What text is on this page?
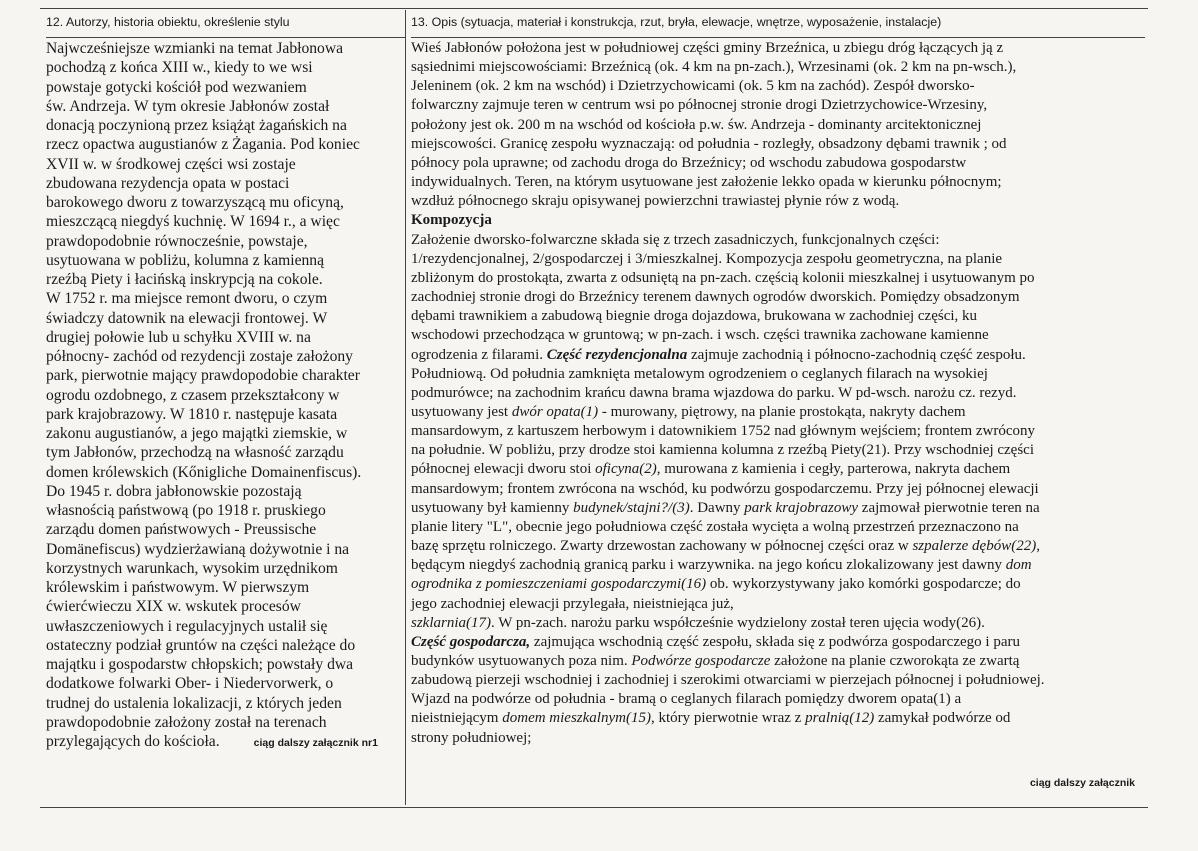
12. Autorzy, historia obiektu, określenie stylu
Najwcześniejsze wzmianki na temat Jabłonowa
pochodzą z końca XIII w., kiedy to we wsi
powstaje gotycki kościół pod wezwaniem
św. Andrzeja. W tym okresie Jabłonów został
donacją poczynioną przez książąt żagańskich na
rzecz opactwa augustianów z Żagania. Pod koniec
XVII w. w środkowej części wsi zostaje
zbudowana rezydencja opata w postaci
barokowego dworu z towarzyszącą mu oficyną,
mieszczącą niegdyś kuchnię. W 1694 r., a więc
prawdopodobnie równocześnie, powstaje,
usytuowana w pobliżu, kolumna z kamienną
rzeźbą Piety i łacińską inskrypcją na cokole.
W 1752 r. ma miejsce remont dworu, o czym
świadczy datownik na elewacji frontowej. W
drugiej połowie lub u schyłku XVIII w. na
północny- zachód od rezydencji zostaje założony
park, pierwotnie mający prawdopodobie charakter
ogrodu ozdobnego, z czasem przekształcony w
park krajobrazowy. W 1810 r. następuje kasata
zakonu augustianów, a jego majątki ziemskie, w
tym Jabłonów, przechodzą na własność zarządu
domen królewskich (Kőnigliche Domainenfiscus).
Do 1945 r. dobra jabłonowskie pozostają
własnością państwową (po 1918 r. pruskiego
zarządu domen państwowych - Preussische
Domänefiscus) wydzierżawianą dożywotnie i na
korzystnych warunkach, wysokim urzędnikom
królewskim i państwowym. W pierwszym
ćwierćwieczu XIX w. wskutek procesów
uwłaszczeniowych i regulacyjnych ustalił się
ostateczny podział gruntów na części należące do
majątku i gospodarstw chłopskich; powstały dwa
dodatkowe folwarki Ober- i Niedervorwerk, o
trudnej do ustalenia lokalizacji, z których jeden
prawdopodobnie założony został na terenach
przylegających do kościoła.	ciąg dalszy załącznik nr1
13. Opis (sytuacja, materiał i konstrukcja, rzut, bryła, elewacje, wnętrze, wyposażenie, instalacje)
Wieś Jabłonów położona jest w południowej części gminy Brzeźnica, u zbiegu dróg łączących ją z
sąsiednimi miejscowościami: Brzeźnicą (ok. 4 km na pn-zach.), Wrzesinami (ok. 2 km na pn-wsch.),
Jeleninem (ok. 2 km na wschód) i Dzietrzychowicami (ok. 5 km na zachód). Zespół dworsko-
folwarczny zajmuje teren w centrum wsi po północnej stronie drogi Dzietrzychowice-Wrzesiny,
położony jest ok. 200 m na wschód od kościoła p.w. św. Andrzeja - dominanty arcitektonicznej
miejscowości. Granicę zespołu wyznaczają: od południa - rozległy, obsadzony dębami trawnik ; od
północy pola uprawne; od zachodu droga do Brzeźnicy; od wschodu zabudowa gospodarstw
indywidualnych. Teren, na którym usytuowane jest założenie lekko opada w kierunku północnym;
wzdłuż północnego skraju opisywanej powierzchni trawiastej płynie rów z wodą.
Kompozycja
Założenie dworsko-folwarczne składa się z trzech zasadniczych, funkcjonalnych części:
1/rezydencjonalnej, 2/gospodarczej i 3/mieszkalnej. Kompozycja zespołu geometryczna, na planie
zbliżonym do prostokąta, zwarta z odsuniętą na pn-zach. częścią kolonii mieszkalnej i usytuowanym po
zachodniej stronie drogi do Brzeźnicy terenem dawnych ogrodów dworskich. Pomiędzy obsadzonym
dębami trawnikiem a zabudową biegnie droga dojazdowa, brukowana w zachodniej części, ku
wschodowi przechodząca w gruntową; w pn-zach. i wsch. części trawnika zachowane kamienne
ogrodzenia z filarami. Część rezydencjonalna zajmuje zachodnią i północno-zachodnią część zespołu.
Południową. Od południa zamknięta metalowym ogrodzeniem o ceglanych filarach na wysokiej
podmurówce; na zachodnim krańcu dawna brama wjazdowa do parku. W pd-wsch. narożu cz. rezyd.
usytuowany jest dwór opata(1) - murowany, piętrowy, na planie prostokąta, nakryty dachem
mansardowym, z kartuszem herbowym i datownikiem 1752 nad głównym wejściem; frontem zwrócony
na południe. W pobliżu, przy drodze stoi kamienna kolumna z rzeźbą Piety(21). Przy wschodniej części
północnej elewacji dworu stoi oficyna(2), murowana z kamienia i cegły, parterowa, nakryta dachem
mansardowym; frontem zwrócona na wschód, ku podwórzu gospodarczemu. Przy jej północnej elewacji
usytuowany był kamienny budynek/stajni?/(3). Dawny park krajobrazowy zajmował pierwotnie teren na
planie litery "L", obecnie jego południowa część została wycięta a wolną przestrzeń przeznaczono na
bazę sprzętu rolniczego. Zwarty drzewostan zachowany w północnej części oraz w szpalerze dębów(22),
będącym niegdyś zachodnią granicą parku i warzywnika. na jego końcu zlokalizowany jest dawny dom
ogrodnika z pomieszczeniami gospodarczymi(16) ob. wykorzystywany jako komórki gospodarcze; do
jego zachodniej elewacji przylegała, nieistniejąca już,
szklarnia(17). W pn-zach. narożu parku współcześnie wydzielony został teren ujęcia wody(26).
Część gospodarcza, zajmująca wschodnią część zespołu, składa się z podwórza gospodarczego i paru
budynków usytuowanych poza nim. Podwórze gospodarcze założone na planie czworokąta ze zwartą
zabudową pierzeji wschodniej i zachodniej i szerokimi otwarciami w pierzejach północnej i południowej.
Wjazd na podwórze od południa - bramą o ceglanych filarach pomiędzy dworem opata(1) a
nieistniejącym domem mieszkalnym(15), który pierwotnie wraz z pralnią(12) zamykał podwórze od
strony południowej;
ciąg dalszy załącznik
